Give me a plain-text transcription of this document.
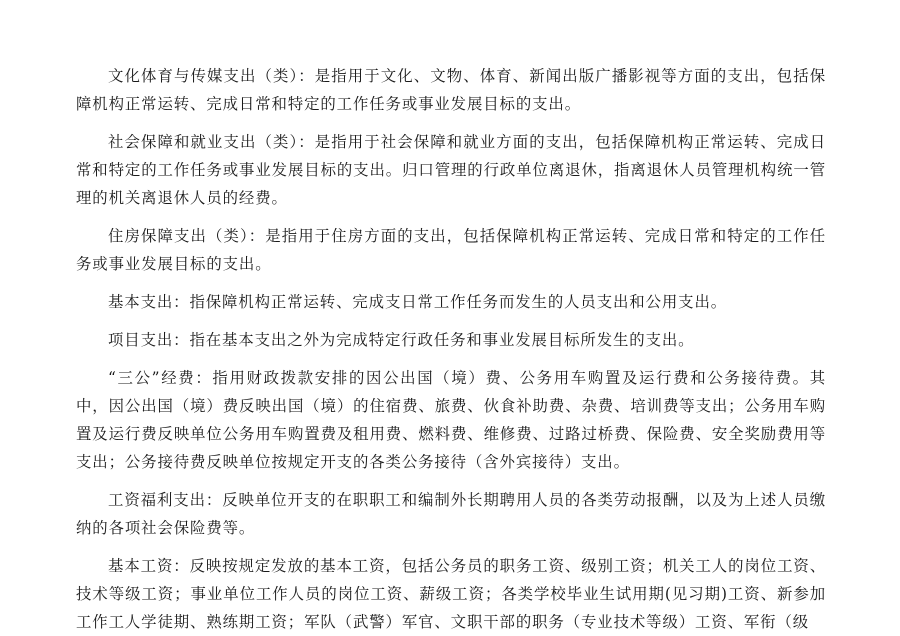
文化体育与传媒支出（类）：是指用于文化、文物、体育、新闻出版广播影视等方面的支出，包括保障机构正常运转、完成日常和特定的工作任务或事业发展目标的支出。

社会保障和就业支出（类）：是指用于社会保障和就业方面的支出，包括保障机构正常运转、完成日常和特定的工作任务或事业发展目标的支出。归口管理的行政单位离退休，指离退休人员管理机构统一管理的机关离退休人员的经费。

住房保障支出（类）：是指用于住房方面的支出，包括保障机构正常运转、完成日常和特定的工作任务或事业发展目标的支出。

基本支出：指保障机构正常运转、完成支日常工作任务而发生的人员支出和公用支出。

项目支出：指在基本支出之外为完成特定行政任务和事业发展目标所发生的支出。

“三公”经费：指用财政拨款安排的因公出国（境）费、公务用车购置及运行费和公务接待费。其中，因公出国（境）费反映出国（境）的住宿费、旅费、伙食补助费、杂费、培训费等支出；公务用车购置及运行费反映单位公务用车购置费及租用费、燃料费、维修费、过路过桥费、保险费、安全奖励费用等支出；公务接待费反映单位按规定开支的各类公务接待（含外宾接待）支出。

工资福利支出：反映单位开支的在职职工和编制外长期聘用人员的各类劳动报酬，以及为上述人员缴纳的各项社会保险费等。

基本工资：反映按规定发放的基本工资，包括公务员的职务工资、级别工资；机关工人的岗位工资、技术等级工资；事业单位工作人员的岗位工资、薪级工资；各类学校毕业生试用期(见习期)工资、新参加工作工人学徒期、熟练期工资；军队（武警）军官、文职干部的职务（专业技术等级）工资、军衔（级
